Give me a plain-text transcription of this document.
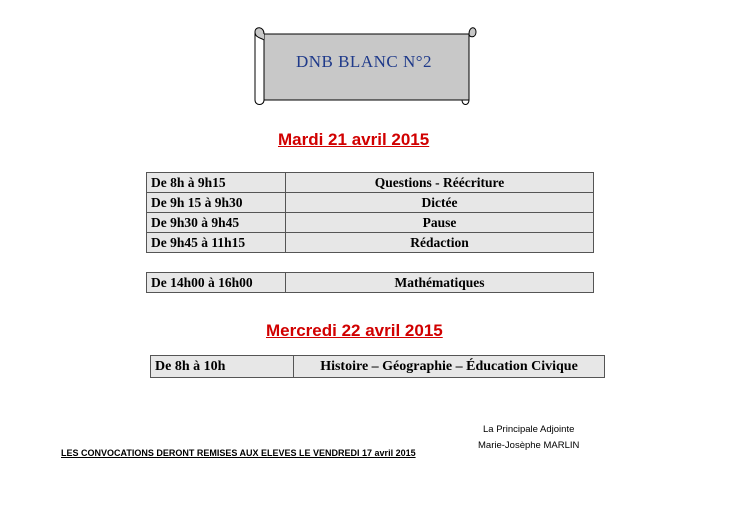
DNB BLANC N°2
Mardi 21 avril 2015
De 8h à 9h15	Questions - Réécriture
De 9h 15 à 9h30	Dictée
De 9h30 à 9h45	Pause
De 9h45 à 11h15	Rédaction
De 14h00 à 16h00	Mathématiques
Mercredi 22 avril 2015
De 8h à 10h	Histoire – Géographie – Éducation Civique
La Principale Adjointe
Marie-Josèphe MARLIN
LES CONVOCATIONS DERONT REMISES AUX ELEVES LE VENDREDI 17 avril 2015
